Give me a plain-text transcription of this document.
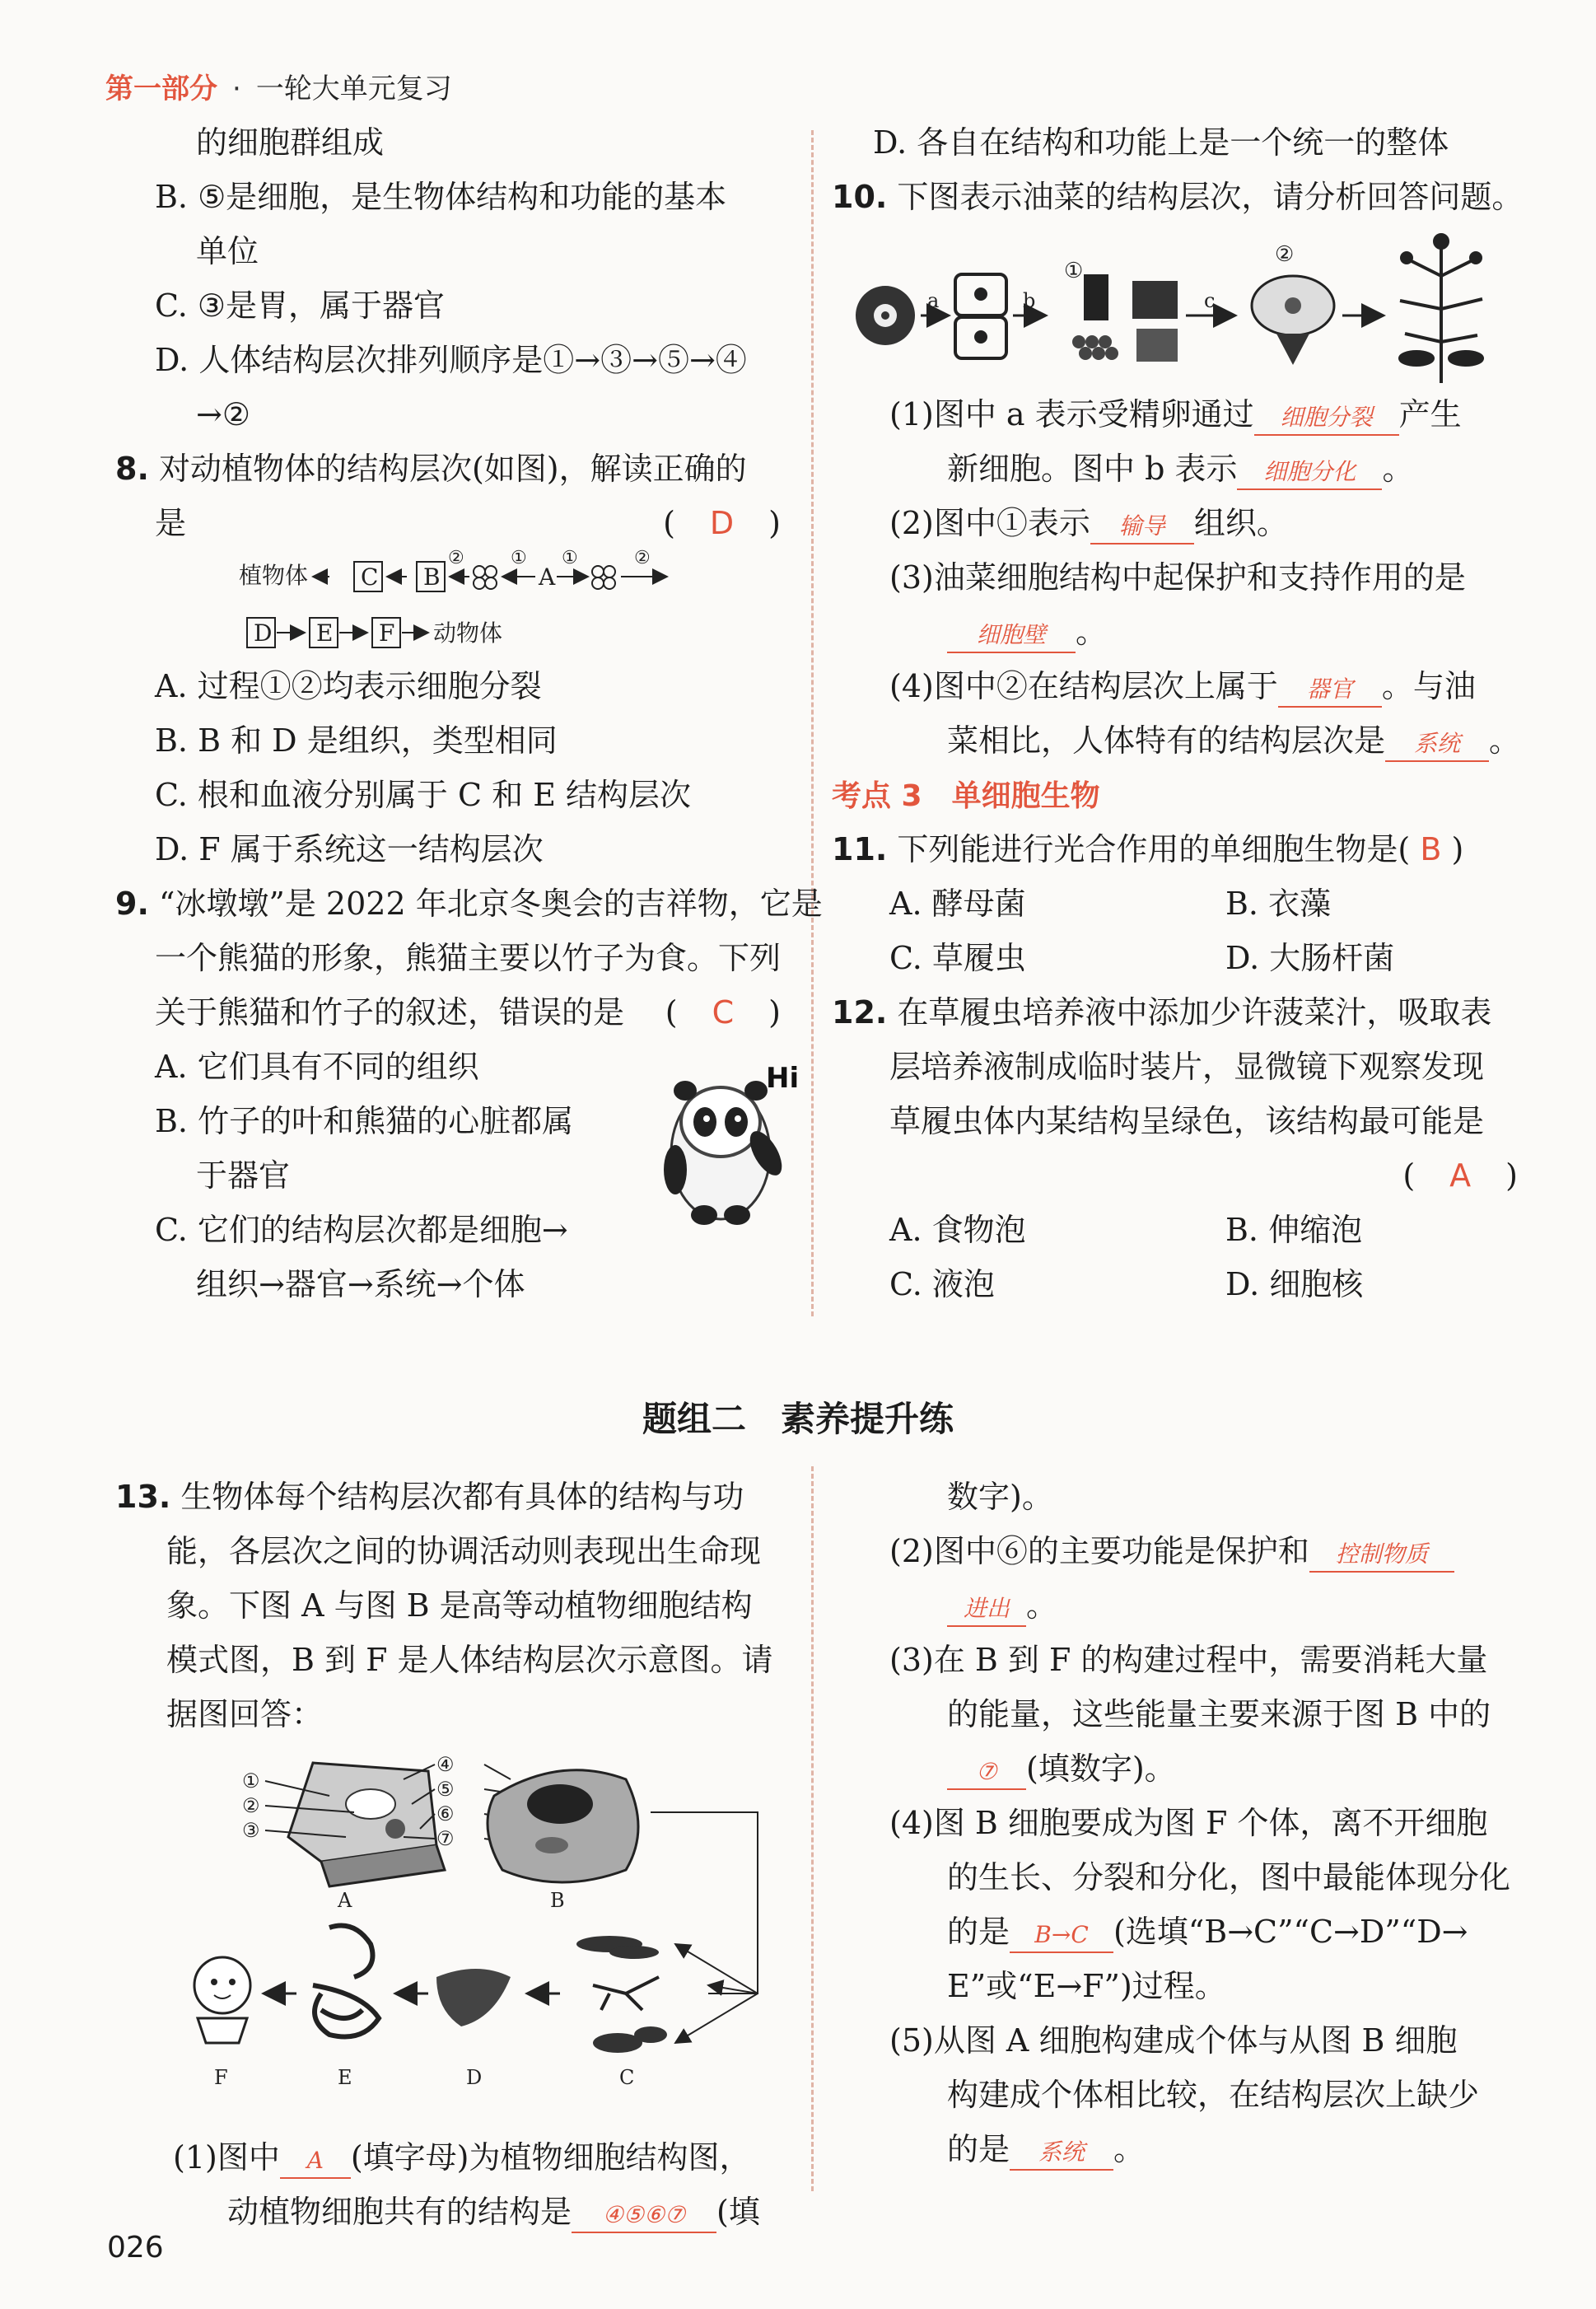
第一部分 · 一轮大单元复习
的细胞群组成
B. ⑤是细胞，是生物体结构和功能的基本
单位
C. ③是胃，属于器官
D. 人体结构层次排列顺序是①→③→⑤→④
→②
8. 对动植物体的结构层次(如图)，解读正确的
是	(　D　)
A. 过程①②均表示细胞分裂
B. B 和 D 是组织，类型相同
C. 根和血液分别属于 C 和 E 结构层次
D. F 属于系统这一结构层次
9. “冰墩墩”是 2022 年北京冬奥会的吉祥物，它是
一个熊猫的形象，熊猫主要以竹子为食。下列
关于熊猫和竹子的叙述，错误的是 (　C　)
A. 它们具有不同的组织
B. 竹子的叶和熊猫的心脏都属
于器官
C. 它们的结构层次都是细胞→
组织→器官→系统→个体
植物体 C B
②	①
A
①	②
D E F 动物体
Hi
D. 各自在结构和功能上是一个统一的整体
10. 下图表示油菜的结构层次，请分析回答问题。
(1)图中 a 表示受精卵通过 细胞分裂 产生
新细胞。图中 b 表示 细胞分化 。
(2)图中①表示 输导 组织。
(3)油菜细胞结构中起保护和支持作用的是
细胞壁 。
(4)图中②在结构层次上属于 器官 。与油
菜相比，人体特有的结构层次是 系统 。
考点 3　单细胞生物
11. 下列能进行光合作用的单细胞生物是( B )
A. 酵母菌	B. 衣藻
C. 草履虫	D. 大肠杆菌
12. 在草履虫培养液中添加少许菠菜汁，吸取表
层培养液制成临时装片，显微镜下观察发现
草履虫体内某结构呈绿色，该结构最可能是
(　A　)
A. 食物泡	B. 伸缩泡
C. 液泡	D. 细胞核
a	b
①
c
②
题组二　素养提升练
13. 生物体每个结构层次都有具体的结构与功
能，各层次之间的协调活动则表现出生命现
象。下图 A 与图 B 是高等动植物细胞结构
模式图，B 到 F 是人体结构层次示意图。请
据图回答：
(1)图中 A (填字母)为植物细胞结构图，
动植物细胞共有的结构是 ④⑤⑥⑦ (填
①
②
③
④
⑤
⑥
⑦
A	B
F	E	D	C
数字)。
(2)图中⑥的主要功能是保护和 控制物质
进出 。
(3)在 B 到 F 的构建过程中，需要消耗大量
的能量，这些能量主要来源于图 B 中的
⑦ (填数字)。
(4)图 B 细胞要成为图 F 个体，离不开细胞
的生长、分裂和分化，图中最能体现分化
的是 B→C (选填“B→C”“C→D”“D→
E”或“E→F”)过程。
(5)从图 A 细胞构建成个体与从图 B 细胞
构建成个体相比较，在结构层次上缺少
的是 系统 。
026
